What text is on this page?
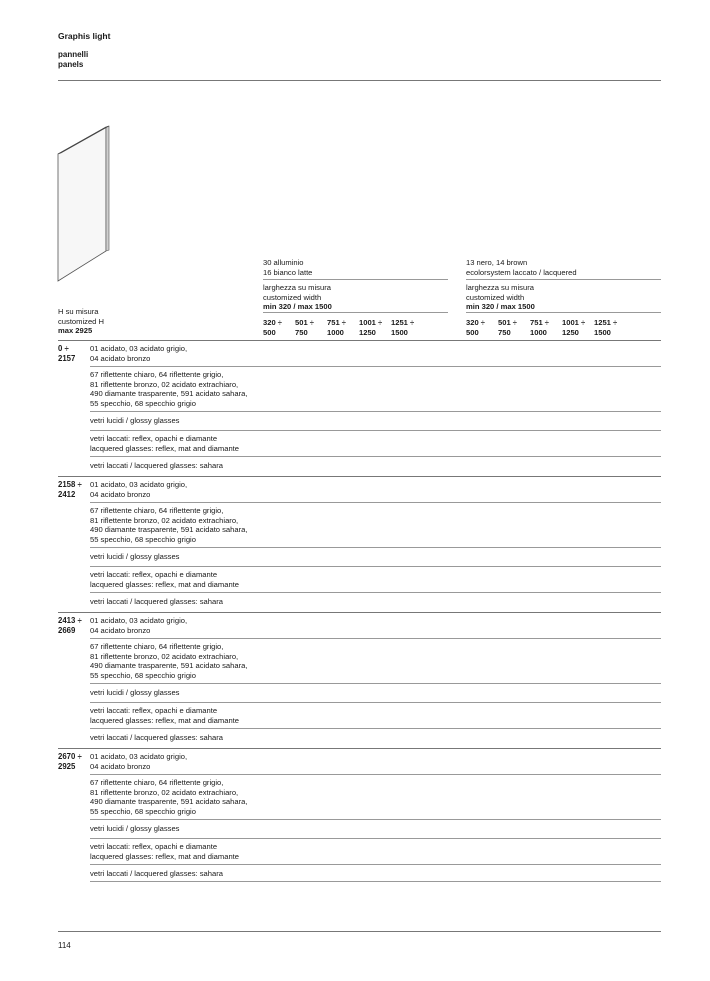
Graphis light
pannelli
panels
H su misura
customized H
max 2925
30 alluminio
16 bianco latte
larghezza su misura
customized width
min 320 / max 1500
320 ÷
500
501 ÷
750
751 ÷
1000
1001 ÷
1250
1251 ÷
1500
13 nero, 14 brown
ecolorsystem laccato / lacquered
larghezza su misura
customized width
min 320 / max 1500
320 ÷
500
501 ÷
750
751 ÷
1000
1001 ÷
1250
1251 ÷
1500
0 ÷
2157
01 acidato, 03 acidato grigio,
04 acidato bronzo
67 riflettente chiaro, 64 riflettente grigio,
81 riflettente bronzo, 02 acidato extrachiaro,
490 diamante trasparente, 591 acidato sahara,
55 specchio, 68 specchio grigio
vetri lucidi / glossy glasses
vetri laccati: reflex, opachi e diamante
lacquered glasses: reflex, mat and diamante
vetri laccati / lacquered glasses: sahara
2158 ÷
2412
01 acidato, 03 acidato grigio,
04 acidato bronzo
67 riflettente chiaro, 64 riflettente grigio,
81 riflettente bronzo, 02 acidato extrachiaro,
490 diamante trasparente, 591 acidato sahara,
55 specchio, 68 specchio grigio
vetri lucidi / glossy glasses
vetri laccati: reflex, opachi e diamante
lacquered glasses: reflex, mat and diamante
vetri laccati / lacquered glasses: sahara
2413 ÷
2669
01 acidato, 03 acidato grigio,
04 acidato bronzo
67 riflettente chiaro, 64 riflettente grigio,
81 riflettente bronzo, 02 acidato extrachiaro,
490 diamante trasparente, 591 acidato sahara,
55 specchio, 68 specchio grigio
vetri lucidi / glossy glasses
vetri laccati: reflex, opachi e diamante
lacquered glasses: reflex, mat and diamante
vetri laccati / lacquered glasses: sahara
2670 ÷
2925
01 acidato, 03 acidato grigio,
04 acidato bronzo
67 riflettente chiaro, 64 riflettente grigio,
81 riflettente bronzo, 02 acidato extrachiaro,
490 diamante trasparente, 591 acidato sahara,
55 specchio, 68 specchio grigio
vetri lucidi / glossy glasses
vetri laccati: reflex, opachi e diamante
lacquered glasses: reflex, mat and diamante
vetri laccati / lacquered glasses: sahara
114
